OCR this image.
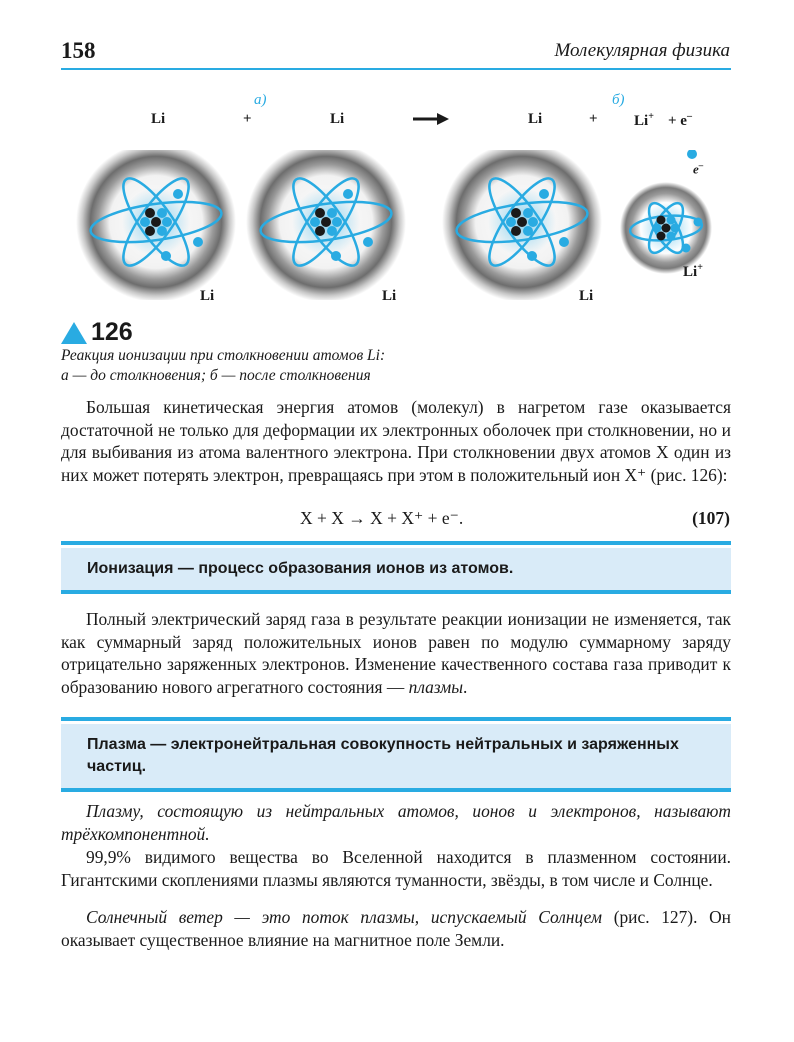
158	Молекулярная физика
а)	б)
Li	+	Li	Li	+ Li+ + e–
e–
Li	Li	Li
Li+
126
Реакция ионизации при столкновении атомов Li:
а — до столкновения; б — после столкновения

Большая кинетическая энергия атомов (молекул) в нагретом газе оказывается достаточной не только для деформации их электронных оболочек при столкновении, но и для выбивания из атома валентного электрона. При столкновении двух атомов X один из них может потерять электрон, превращаясь при этом в положительный ион X⁺ (рис. 126):

X + X → X + X⁺ + e⁻.	(107)
Ионизация — процесс образования ионов из атомов.

Полный электрический заряд газа в результате реакции ионизации не изменяется, так как суммарный заряд положительных ионов равен по модулю суммарному заряду отрицательно заряженных электронов. Изменение качественного состава газа приводит к образованию нового агрегатного состояния — плазмы.

Плазма — электронейтральная совокупность нейтральных и заряженных частиц.

Плазму, состоящую из нейтральных атомов, ионов и электронов, называют трёхкомпонентной.

99,9% видимого вещества во Вселенной находится в плазменном состоянии. Гигантскими скоплениями плазмы являются туманности, звёзды, в том числе и Солнце.

Солнечный ветер — это поток плазмы, испускаемый Солнцем (рис. 127). Он оказывает существенное влияние на магнитное поле Земли.
